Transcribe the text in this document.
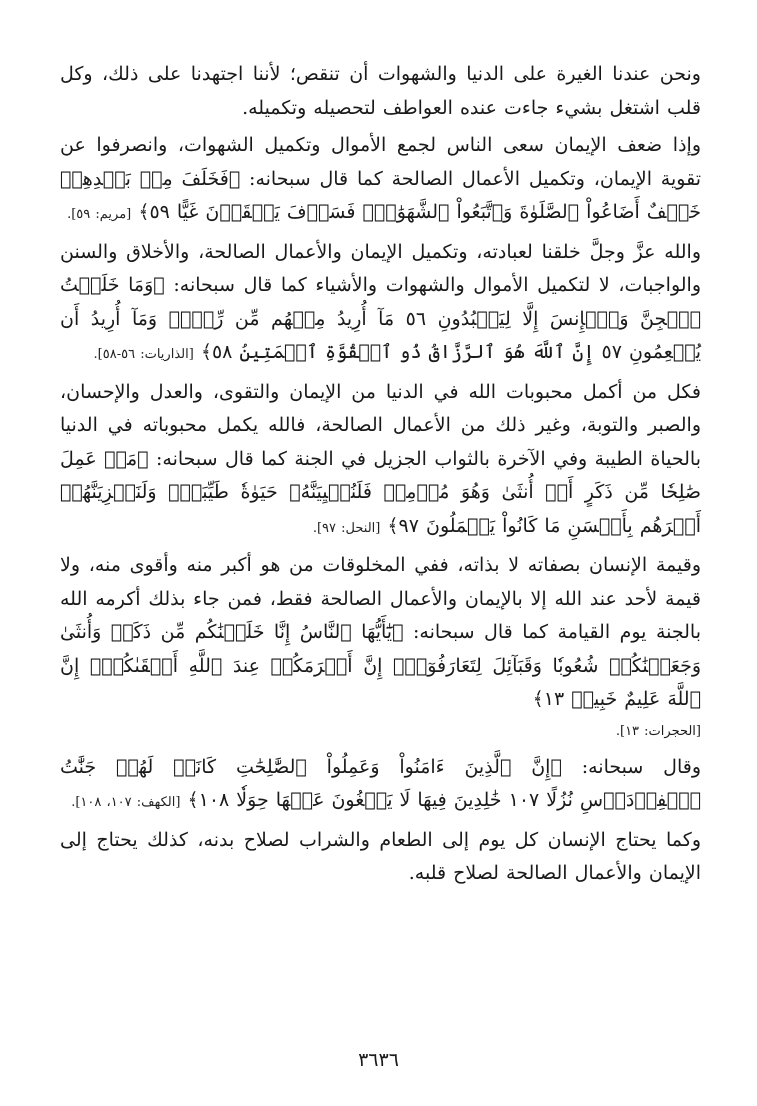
ونحن عندنا الغيرة على الدنيا والشهوات أن تنقص؛ لأننا اجتهدنا على ذلك، وكل قلب اشتغل بشيء جاءت عنده العواطف لتحصيله وتكميله.

وإذا ضعف الإيمان سعى الناس لجمع الأموال وتكميل الشهوات، وانصرفوا عن تقوية الإيمان، وتكميل الأعمال الصالحة كما قال سبحانه: ﴿فَخَلَفَ مِنۢ بَعۡدِهِمۡ خَلۡفٌ أَضَاعُواْ ٱلصَّلَوٰةَ وَٱتَّبَعُواْ ٱلشَّهَوَٰتِۖ فَسَوۡفَ يَلۡقَوۡنَ غَيًّا ٥٩﴾ [مريم: ٥٩].

والله عزَّ وجلَّ خلقنا لعبادته، وتكميل الإيمان والأعمال الصالحة، والأخلاق والسنن والواجبات، لا لتكميل الأموال والشهوات والأشياء كما قال سبحانه: ﴿وَمَا خَلَقۡتُ ٱلۡجِنَّ وَٱلۡإِنسَ إِلَّا لِيَعۡبُدُونِ ٥٦ مَآ أُرِيدُ مِنۡهُم مِّن رِّزۡقٖ وَمَآ أُرِيدُ أَن يُطۡعِمُونِ ٥٧ إِنَّ ٱللَّهَ هُوَ ٱلرَّزَّاقُ ذُو ٱلۡقُوَّةِ ٱلۡمَتِينُ ٥٨﴾ [الذاريات: ٥٦-٥٨].

فكل من أكمل محبوبات الله في الدنيا من الإيمان والتقوى، والعدل والإحسان، والصبر والتوبة، وغير ذلك من الأعمال الصالحة، فالله يكمل محبوباته في الدنيا بالحياة الطيبة وفي الآخرة بالثواب الجزيل في الجنة كما قال سبحانه: ﴿مَنۡ عَمِلَ صَٰلِحٗا مِّن ذَكَرٍ أَوۡ أُنثَىٰ وَهُوَ مُؤۡمِنٞ فَلَنُحۡيِيَنَّهُۥ حَيَوٰةٗ طَيِّبَةٗۖ وَلَنَجۡزِيَنَّهُمۡ أَجۡرَهُم بِأَحۡسَنِ مَا كَانُواْ يَعۡمَلُونَ ٩٧﴾ [النحل: ٩٧].

وقيمة الإنسان بصفاته لا بذاته، ففي المخلوقات من هو أكبر منه وأقوى منه، ولا قيمة لأحد عند الله إلا بالإيمان والأعمال الصالحة فقط، فمن جاء بذلك أكرمه الله بالجنة يوم القيامة كما قال سبحانه: ﴿يَٰٓأَيُّهَا ٱلنَّاسُ إِنَّا خَلَقۡنَٰكُم مِّن ذَكَرٖ وَأُنثَىٰ وَجَعَلۡنَٰكُمۡ شُعُوبٗا وَقَبَآئِلَ لِتَعَارَفُوٓاْۚ إِنَّ أَكۡرَمَكُمۡ عِندَ ٱللَّهِ أَتۡقَىٰكُمۡۚ إِنَّ ٱللَّهَ عَلِيمٌ خَبِيرٞ ١٣﴾
[الحجرات: ١٣].

وقال سبحانه: ﴿إِنَّ ٱلَّذِينَ ءَامَنُواْ وَعَمِلُواْ ٱلصَّٰلِحَٰتِ كَانَتۡ لَهُمۡ جَنَّٰتُ ٱلۡفِرۡدَوۡسِ نُزُلًا ١٠٧ خَٰلِدِينَ فِيهَا لَا يَبۡغُونَ عَنۡهَا حِوَلٗا ١٠٨﴾ [الكهف: ١٠٧، ١٠٨].

وكما يحتاج الإنسان كل يوم إلى الطعام والشراب لصلاح بدنه، كذلك يحتاج إلى الإيمان والأعمال الصالحة لصلاح قلبه.

٣٦٣٦
